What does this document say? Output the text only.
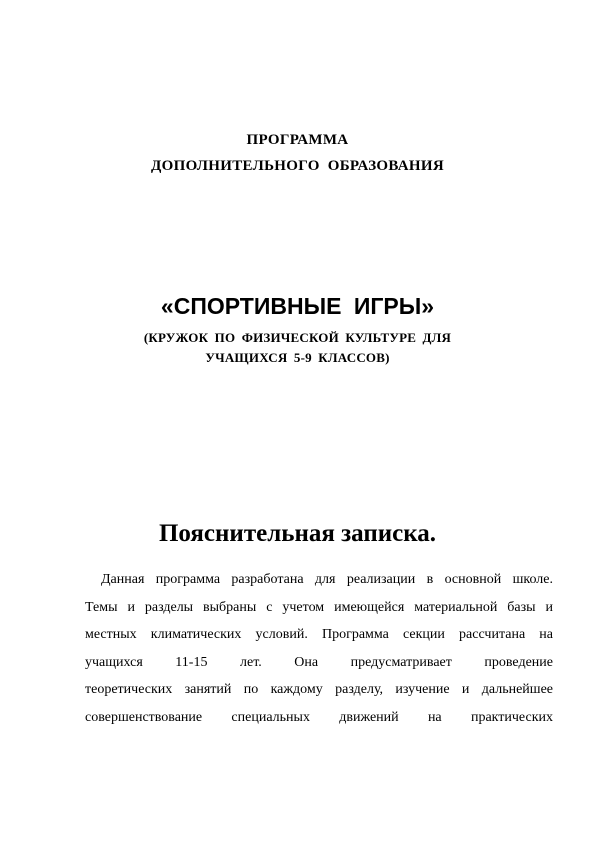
ПРОГРАММА
ДОПОЛНИТЕЛЬНОГО ОБРАЗОВАНИЯ
«СПОРТИВНЫЕ ИГРЫ»
(КРУЖОК ПО ФИЗИЧЕСКОЙ КУЛЬТУРЕ ДЛЯ
УЧАЩИХСЯ 5-9 КЛАССОВ)
Пояснительная записка.
Данная программа разработана для реализации в основной школе.
Темы и разделы выбраны с учетом имеющейся материальной базы и
местных климатических условий. Программа секции рассчитана на
учащихся 11-15 лет. Она предусматривает проведение
теоретических занятий по каждому разделу, изучение и дальнейшее
совершенствование специальных движений на практических
